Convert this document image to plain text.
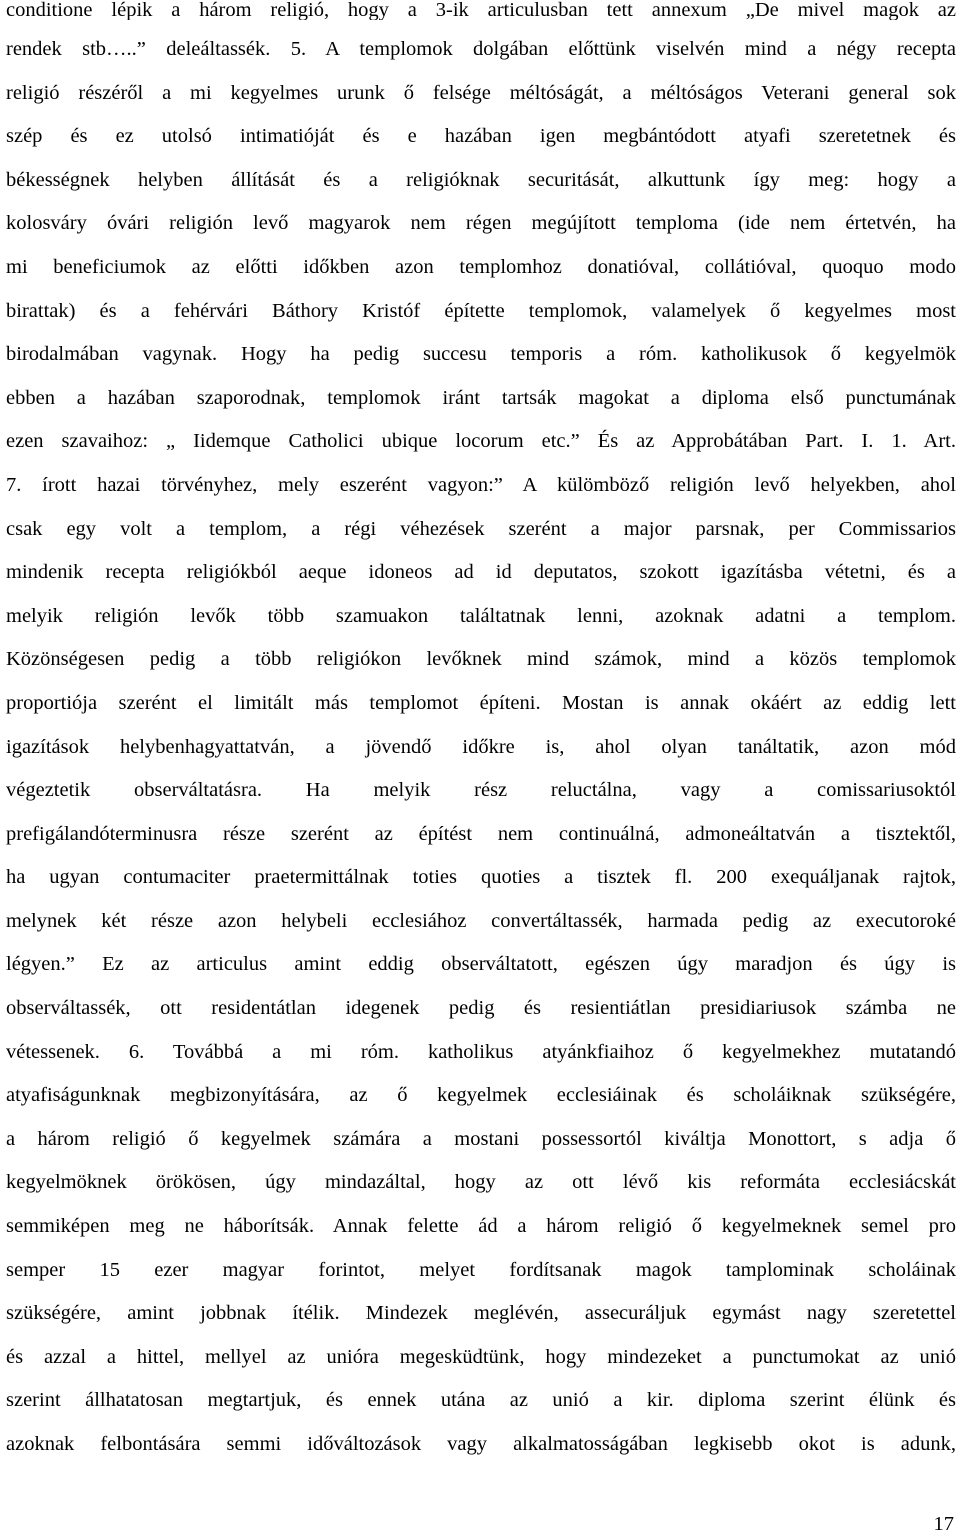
conditione lépik a három religió, hogy a 3-ik articulusban tett annexum „De mivel magok az
rendek stb…..” deleáltassék. 5. A templomok dolgában előttünk viselvén mind a négy recepta
religió részéről a mi kegyelmes urunk ő felsége méltóságát, a méltóságos Veterani general sok
szép és ez utolsó intimatióját és e hazában igen megbántódott atyafi szeretetnek és
békességnek helyben állítását és a religióknak securitását, alkuttunk így meg: hogy a
kolosváry óvári religión levő magyarok nem régen megújított temploma (ide nem értetvén, ha
mi beneficiumok az előtti időkben azon templomhoz donatióval, collátióval, quoquo modo
birattak) és a fehérvári Báthory Kristóf építette templomok, valamelyek ő kegyelmes most
birodalmában vagynak. Hogy ha pedig succesu temporis a róm. katholikusok ő kegyelmök
ebben a hazában szaporodnak, templomok iránt tartsák magokat a diploma első punctumának
ezen szavaihoz: „ Iidemque Catholici ubique locorum etc.” És az Approbátában Part. I. 1. Art.
7. írott hazai törvényhez, mely eszerént vagyon:” A külömböző religión levő helyekben, ahol
csak egy volt a templom, a régi véhezések szerént a major parsnak, per Commissarios
mindenik recepta religiókból aeque idoneos ad id deputatos, szokott igazításba vétetni, és a
melyik religión levők több szamuakon találtatnak lenni, azoknak adatni a templom.
Közönségesen pedig a több religiókon levőknek mind számok, mind a közös templomok
proportiója szerént el limitált más templomot építeni. Mostan is annak okáért az eddig lett
igazítások helybenhagyattatván, a jövendő időkre is, ahol olyan tanáltatik, azon mód
végeztetik observáltatásra. Ha melyik rész reluctálna, vagy a comissariusoktól
prefigálandóterminusra része szerént az építést nem continuálná, admoneáltatván a tisztektől,
ha ugyan contumaciter praetermittálnak toties quoties a tisztek fl. 200 exequáljanak rajtok,
melynek két része azon helybeli ecclesiához convertáltassék, harmada pedig az executoroké
légyen.” Ez az articulus amint eddig observáltatott, egészen úgy maradjon és úgy is
observáltassék, ott residentátlan idegenek pedig és resientiátlan presidiariusok számba ne
vétessenek. 6. Továbbá a mi róm. katholikus atyánkfiaihoz ő kegyelmekhez mutatandó
atyafiságunknak megbizonyítására, az ő kegyelmek ecclesiáinak és scholáiknak szükségére,
a három religió ő kegyelmek számára a mostani possessortól kiváltja Monottort, s adja ő
kegyelmöknek örökösen, úgy mindazáltal, hogy az ott lévő kis reformáta ecclesiácskát
semmiképen meg ne háborítsák. Annak felette ád a három religió ő kegyelmeknek semel pro
semper 15 ezer magyar forintot, melyet fordítsanak magok tamplominak scholáinak
szükségére, amint jobbnak ítélik. Mindezek meglévén, assecuráljuk egymást nagy szeretettel
és azzal a hittel, mellyel az unióra megesküdtünk, hogy mindezeket a punctumokat az unió
szerint állhatatosan megtartjuk, és ennek utána az unió a kir. diploma szerint élünk és
azoknak felbontására semmi időváltozások vagy alkalmatosságában legkisebb okot is adunk,
17
